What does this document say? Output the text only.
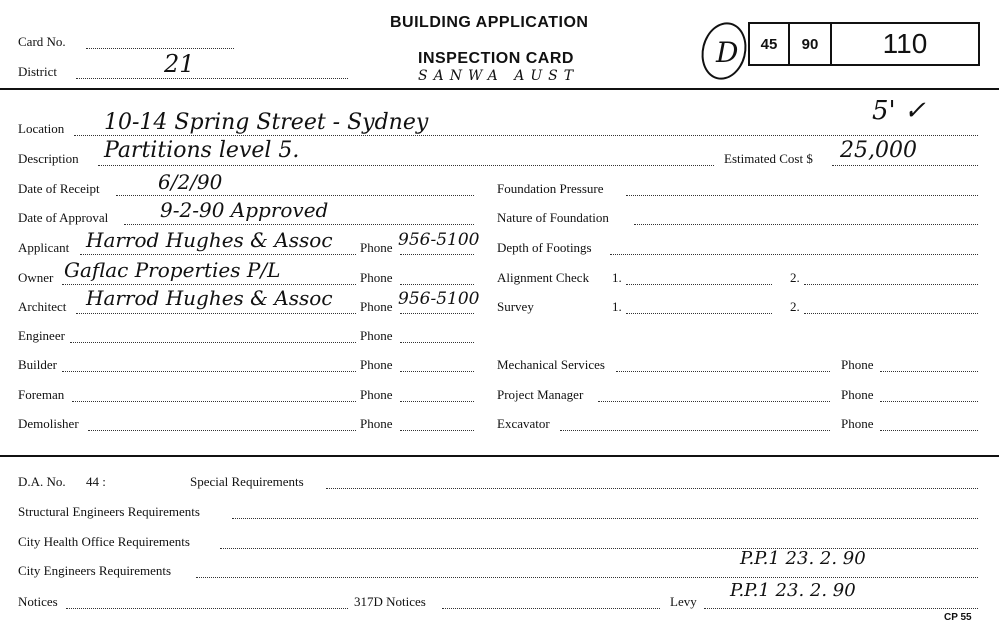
Card No.
District	21
BUILDING APPLICATION
INSPECTION CARD
SANWA AUST
D	45	90	110
5' ✓
Location 10-14 Spring Street - Sydney
Description Partitions level 5.	Estimated Cost $ 25,000
Date of Receipt	6/2/90
Date of Approval	9-2-90 Approved
Applicant Harrod Hughes & Assoc Phone 956-5100
Owner Gaflac Properties P/L	Phone
Architect Harrod Hughes & Assoc Phone 956-5100
Engineer	Phone
Builder	Phone
Foreman	Phone
Demolisher	Phone
Foundation Pressure
Nature of Foundation
Depth of Footings
Alignment Check 1.	2.
Survey	1.	2.
Mechanical Services	Phone
Project Manager	Phone
Excavator	Phone
D.A. No. 44 :	Special Requirements
Structural Engineers Requirements
City Health Office Requirements
City Engineers Requirements
P.P.1 23. 2. 90
Notices	317D Notices	Levy
P.P.1 23. 2. 90
CP 55
